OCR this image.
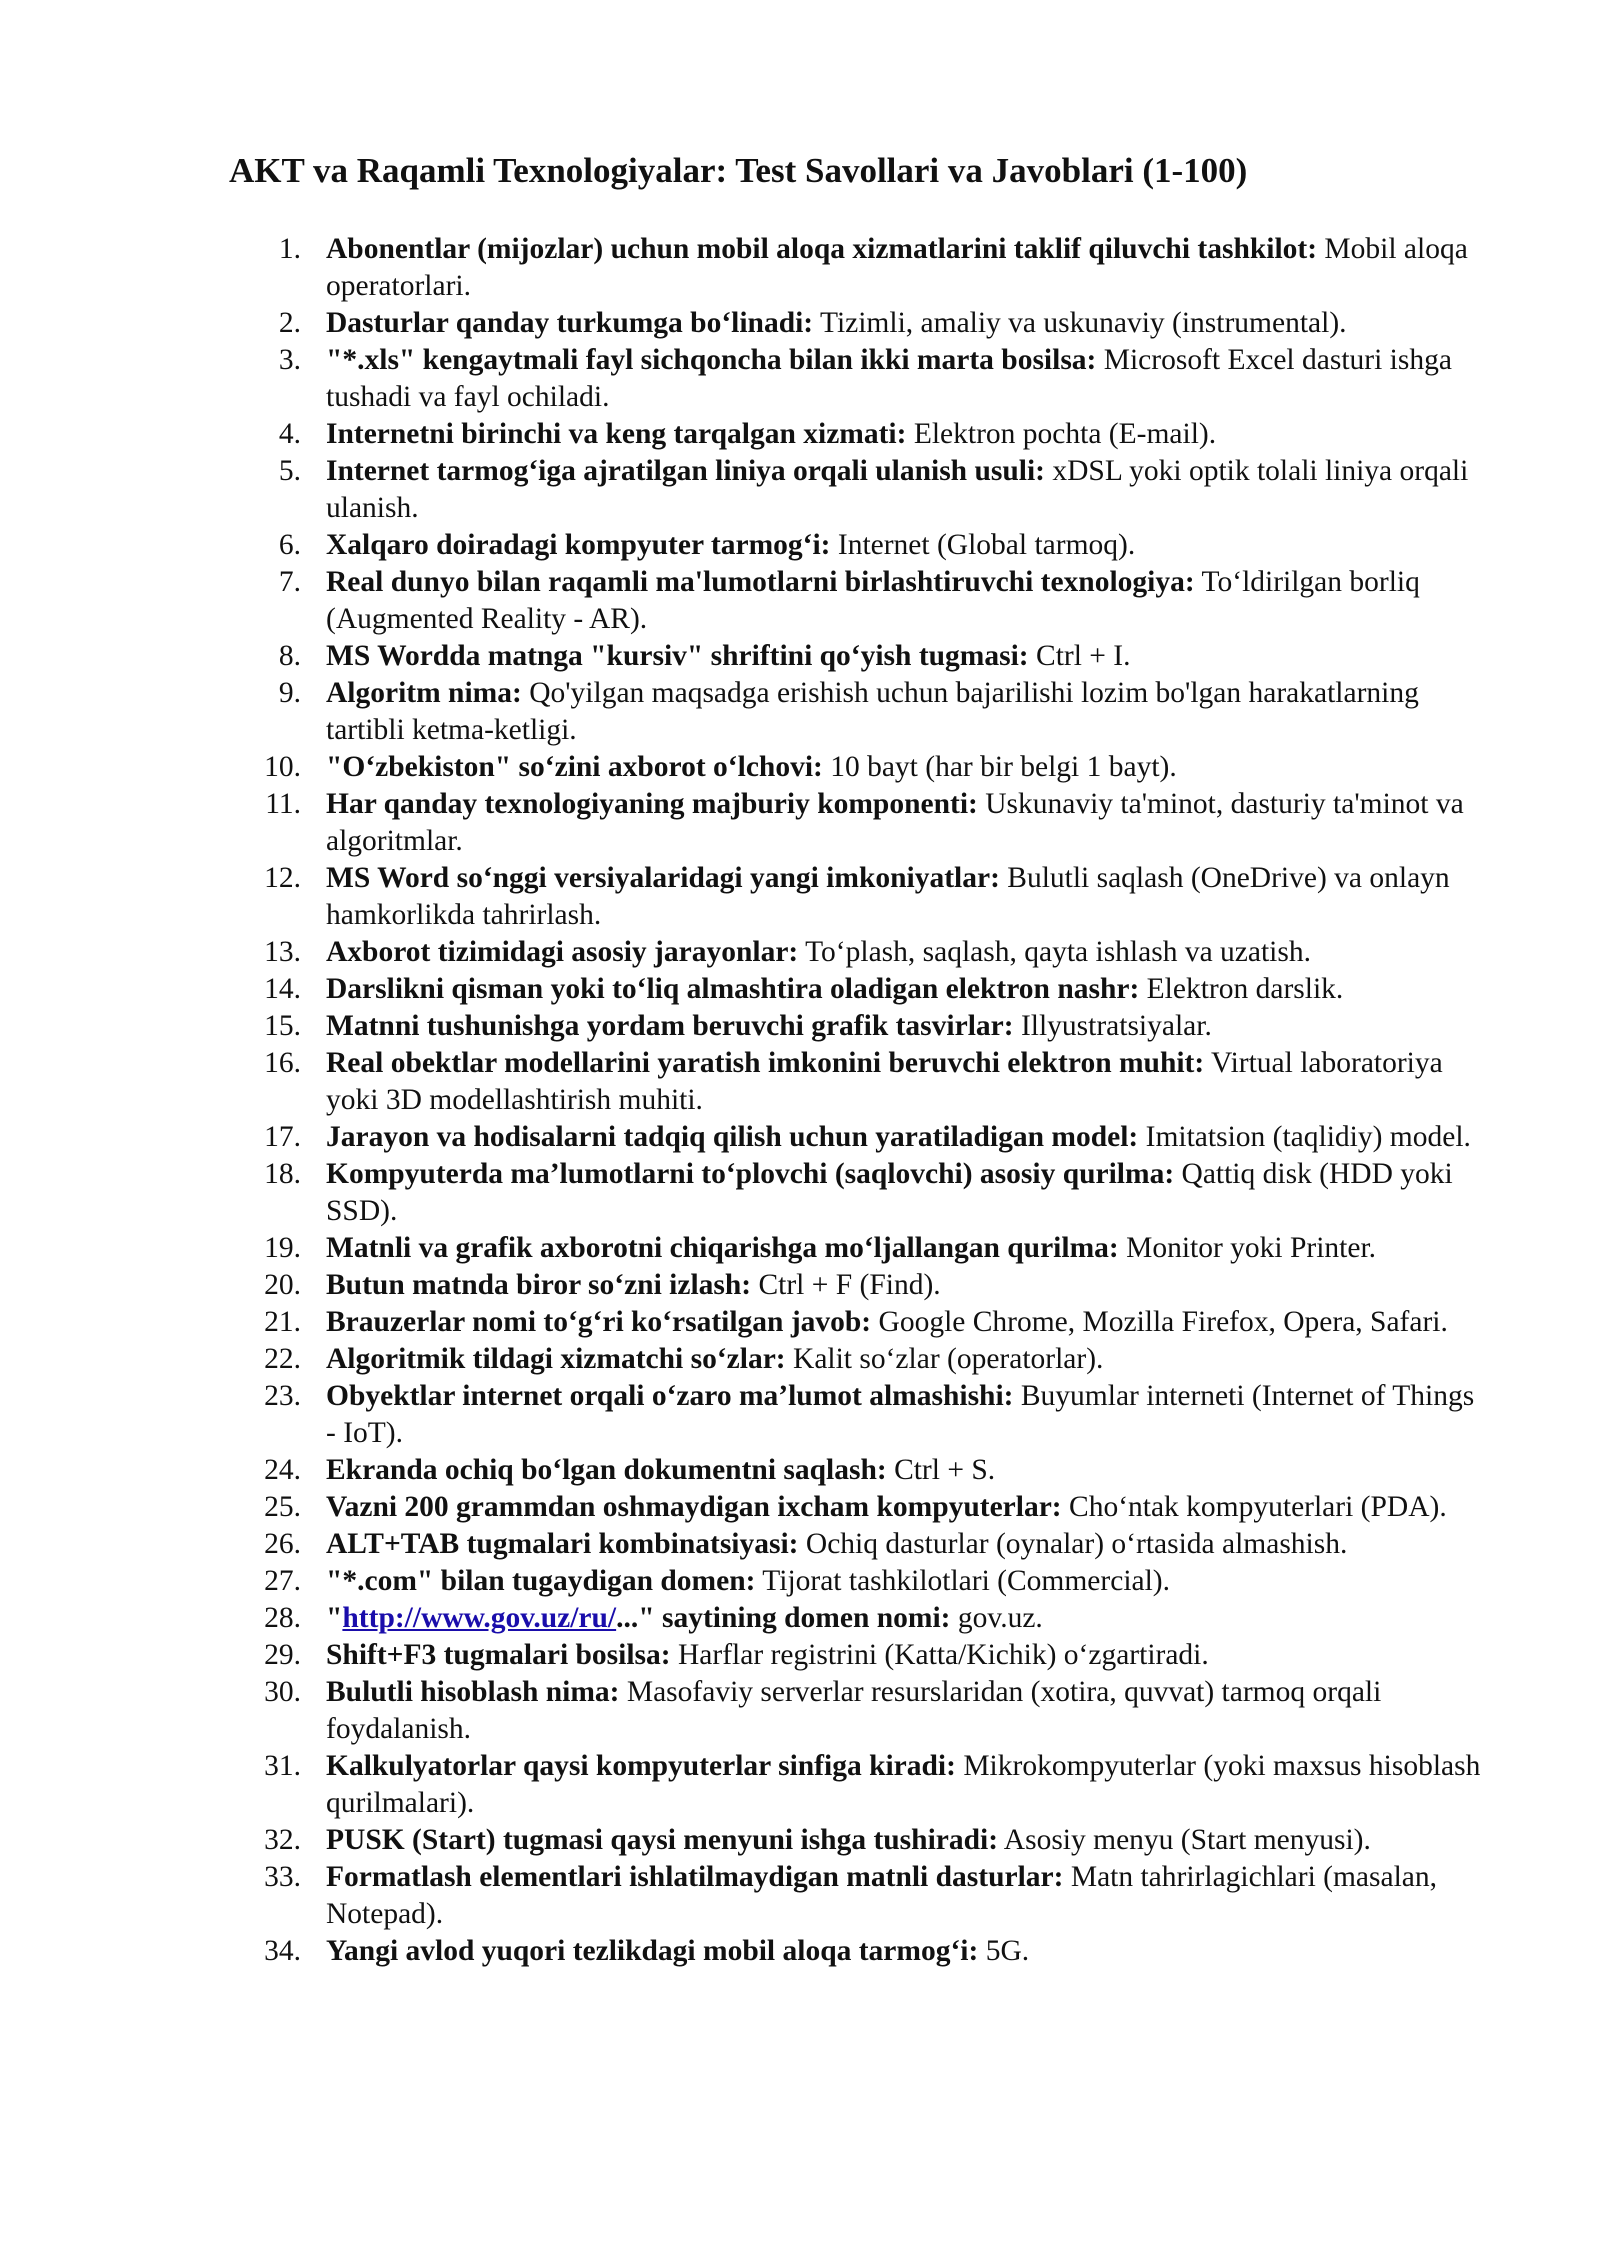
AKT va Raqamli Texnologiyalar: Test Savollari va Javoblari (1-100)
1. Abonentlar (mijozlar) uchun mobil aloqa xizmatlarini taklif qiluvchi tashkilot: Mobil aloqa operatorlari.
2. Dasturlar qanday turkumga bo‘linadi: Tizimli, amaliy va uskunaviy (instrumental).
3. "*.xls" kengaytmali fayl sichqoncha bilan ikki marta bosilsa: Microsoft Excel dasturi ishga tushadi va fayl ochiladi.
4. Internetni birinchi va keng tarqalgan xizmati: Elektron pochta (E-mail).
5. Internet tarmog‘iga ajratilgan liniya orqali ulanish usuli: xDSL yoki optik tolali liniya orqali ulanish.
6. Xalqaro doiradagi kompyuter tarmog‘i: Internet (Global tarmoq).
7. Real dunyo bilan raqamli ma'lumotlarni birlashtiruvchi texnologiya: To‘ldirilgan borliq (Augmented Reality - AR).
8. MS Wordda matnga "kursiv" shriftini qo‘yish tugmasi: Ctrl + I.
9. Algoritm nima: Qo'yilgan maqsadga erishish uchun bajarilishi lozim bo'lgan harakatlarning tartibli ketma-ketligi.
10. "O‘zbekiston" so‘zini axborot o‘lchovi: 10 bayt (har bir belgi 1 bayt).
11. Har qanday texnologiyaning majburiy komponenti: Uskunaviy ta'minot, dasturiy ta'minot va algoritmlar.
12. MS Word so‘nggi versiyalaridagi yangi imkoniyatlar: Bulutli saqlash (OneDrive) va onlayn hamkorlikda tahrirlash.
13. Axborot tizimidagi asosiy jarayonlar: To‘plash, saqlash, qayta ishlash va uzatish.
14. Darslikni qisman yoki to‘liq almashtira oladigan elektron nashr: Elektron darslik.
15. Matnni tushunishga yordam beruvchi grafik tasvirlar: Illyustratsiyalar.
16. Real obektlar modellarini yaratish imkonini beruvchi elektron muhit: Virtual laboratoriya yoki 3D modellashtirish muhiti.
17. Jarayon va hodisalarni tadqiq qilish uchun yaratiladigan model: Imitatsion (taqlidiy) model.
18. Kompyuterda ma’lumotlarni to‘plovchi (saqlovchi) asosiy qurilma: Qattiq disk (HDD yoki SSD).
19. Matnli va grafik axborotni chiqarishga mo‘ljallangan qurilma: Monitor yoki Printer.
20. Butun matnda biror so‘zni izlash: Ctrl + F (Find).
21. Brauzerlar nomi to‘g‘ri ko‘rsatilgan javob: Google Chrome, Mozilla Firefox, Opera, Safari.
22. Algoritmik tildagi xizmatchi so‘zlar: Kalit so‘zlar (operatorlar).
23. Obyektlar internet orqali o‘zaro ma’lumot almashishi: Buyumlar interneti (Internet of Things - IoT).
24. Ekranda ochiq bo‘lgan dokumentni saqlash: Ctrl + S.
25. Vazni 200 grammdan oshmaydigan ixcham kompyuterlar: Cho‘ntak kompyuterlari (PDA).
26. ALT+TAB tugmalari kombinatsiyasi: Ochiq dasturlar (oynalar) o‘rtasida almashish.
27. "*.com" bilan tugaydigan domen: Tijorat tashkilotlari (Commercial).
28. "http://www.gov.uz/ru/..." saytining domen nomi: gov.uz.
29. Shift+F3 tugmalari bosilsa: Harflar registrini (Katta/Kichik) o‘zgartiradi.
30. Bulutli hisoblash nima: Masofaviy serverlar resurslaridan (xotira, quvvat) tarmoq orqali foydalanish.
31. Kalkulyatorlar qaysi kompyuterlar sinfiga kiradi: Mikrokompyuterlar (yoki maxsus hisoblash qurilmalari).
32. PUSK (Start) tugmasi qaysi menyuni ishga tushiradi: Asosiy menyu (Start menyusi).
33. Formatlash elementlari ishlatilmaydigan matnli dasturlar: Matn tahrirlagichlari (masalan, Notepad).
34. Yangi avlod yuqori tezlikdagi mobil aloqa tarmog‘i: 5G.
